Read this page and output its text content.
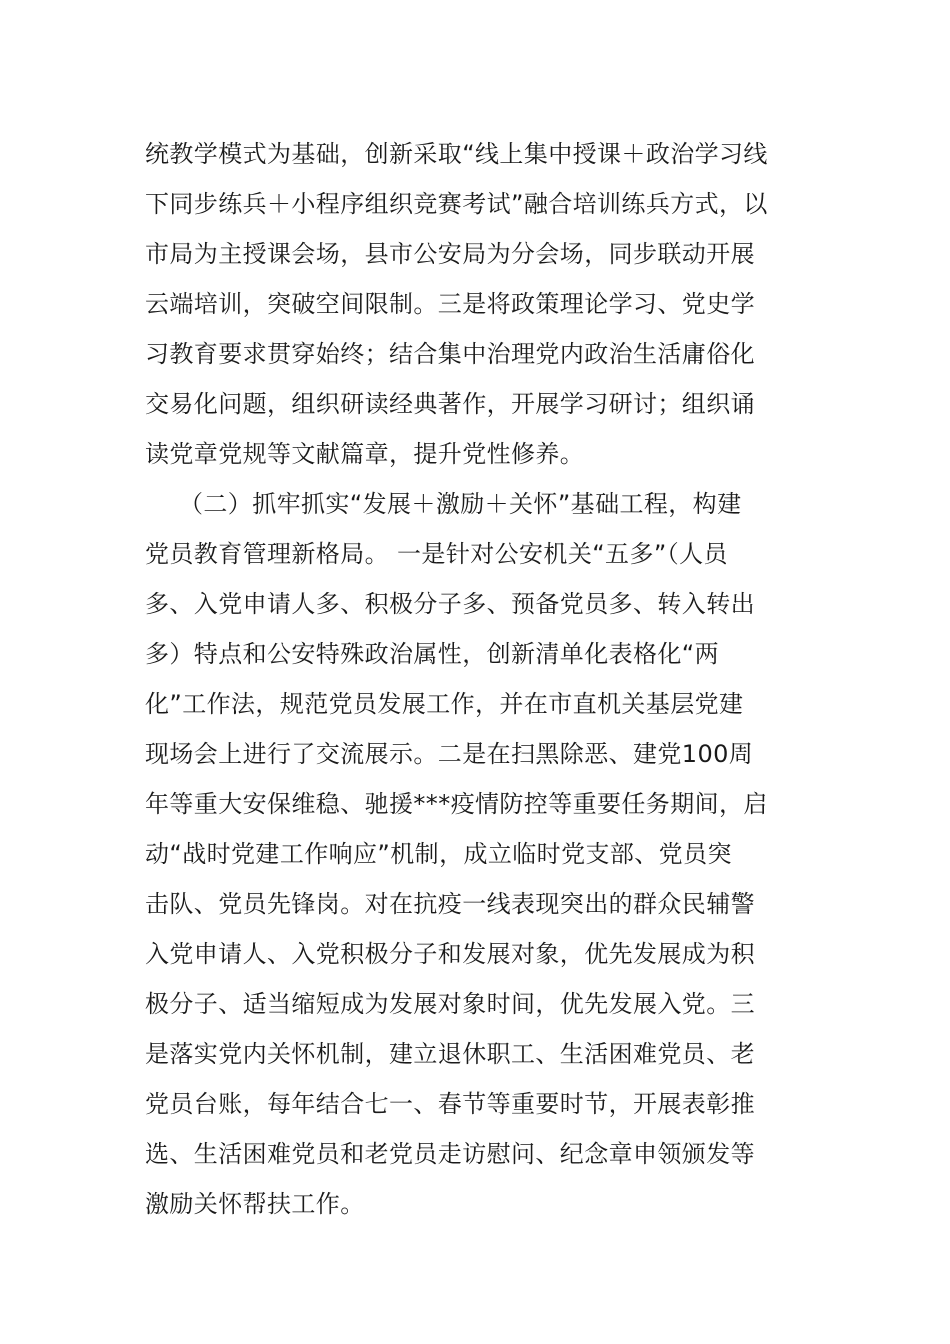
统教学模式为基础，创新采取“线上集中授课＋政治学习线
下同步练兵＋小程序组织竞赛考试”融合培训练兵方式，以
市局为主授课会场，县市公安局为分会场，同步联动开展
云端培训，突破空间限制。三是将政策理论学习、党史学
习教育要求贯穿始终；结合集中治理党内政治生活庸俗化
交易化问题，组织研读经典著作，开展学习研讨；组织诵
读党章党规等文献篇章，提升党性修养。
（二）抓牢抓实“发展＋激励＋关怀”基础工程，构建
党员教育管理新格局。 一是针对公安机关“五多”（人员
多、入党申请人多、积极分子多、预备党员多、转入转出
多）特点和公安特殊政治属性，创新清单化表格化“两
化”工作法，规范党员发展工作，并在市直机关基层党建
现场会上进行了交流展示。二是在扫黑除恶、建党100周
年等重大安保维稳、驰援***疫情防控等重要任务期间，启
动“战时党建工作响应”机制，成立临时党支部、党员突
击队、党员先锋岗。对在抗疫一线表现突出的群众民辅警
入党申请人、入党积极分子和发展对象，优先发展成为积
极分子、适当缩短成为发展对象时间，优先发展入党。三
是落实党内关怀机制，建立退休职工、生活困难党员、老
党员台账，每年结合七一、春节等重要时节，开展表彰推
选、生活困难党员和老党员走访慰问、纪念章申领颁发等
激励关怀帮扶工作。
